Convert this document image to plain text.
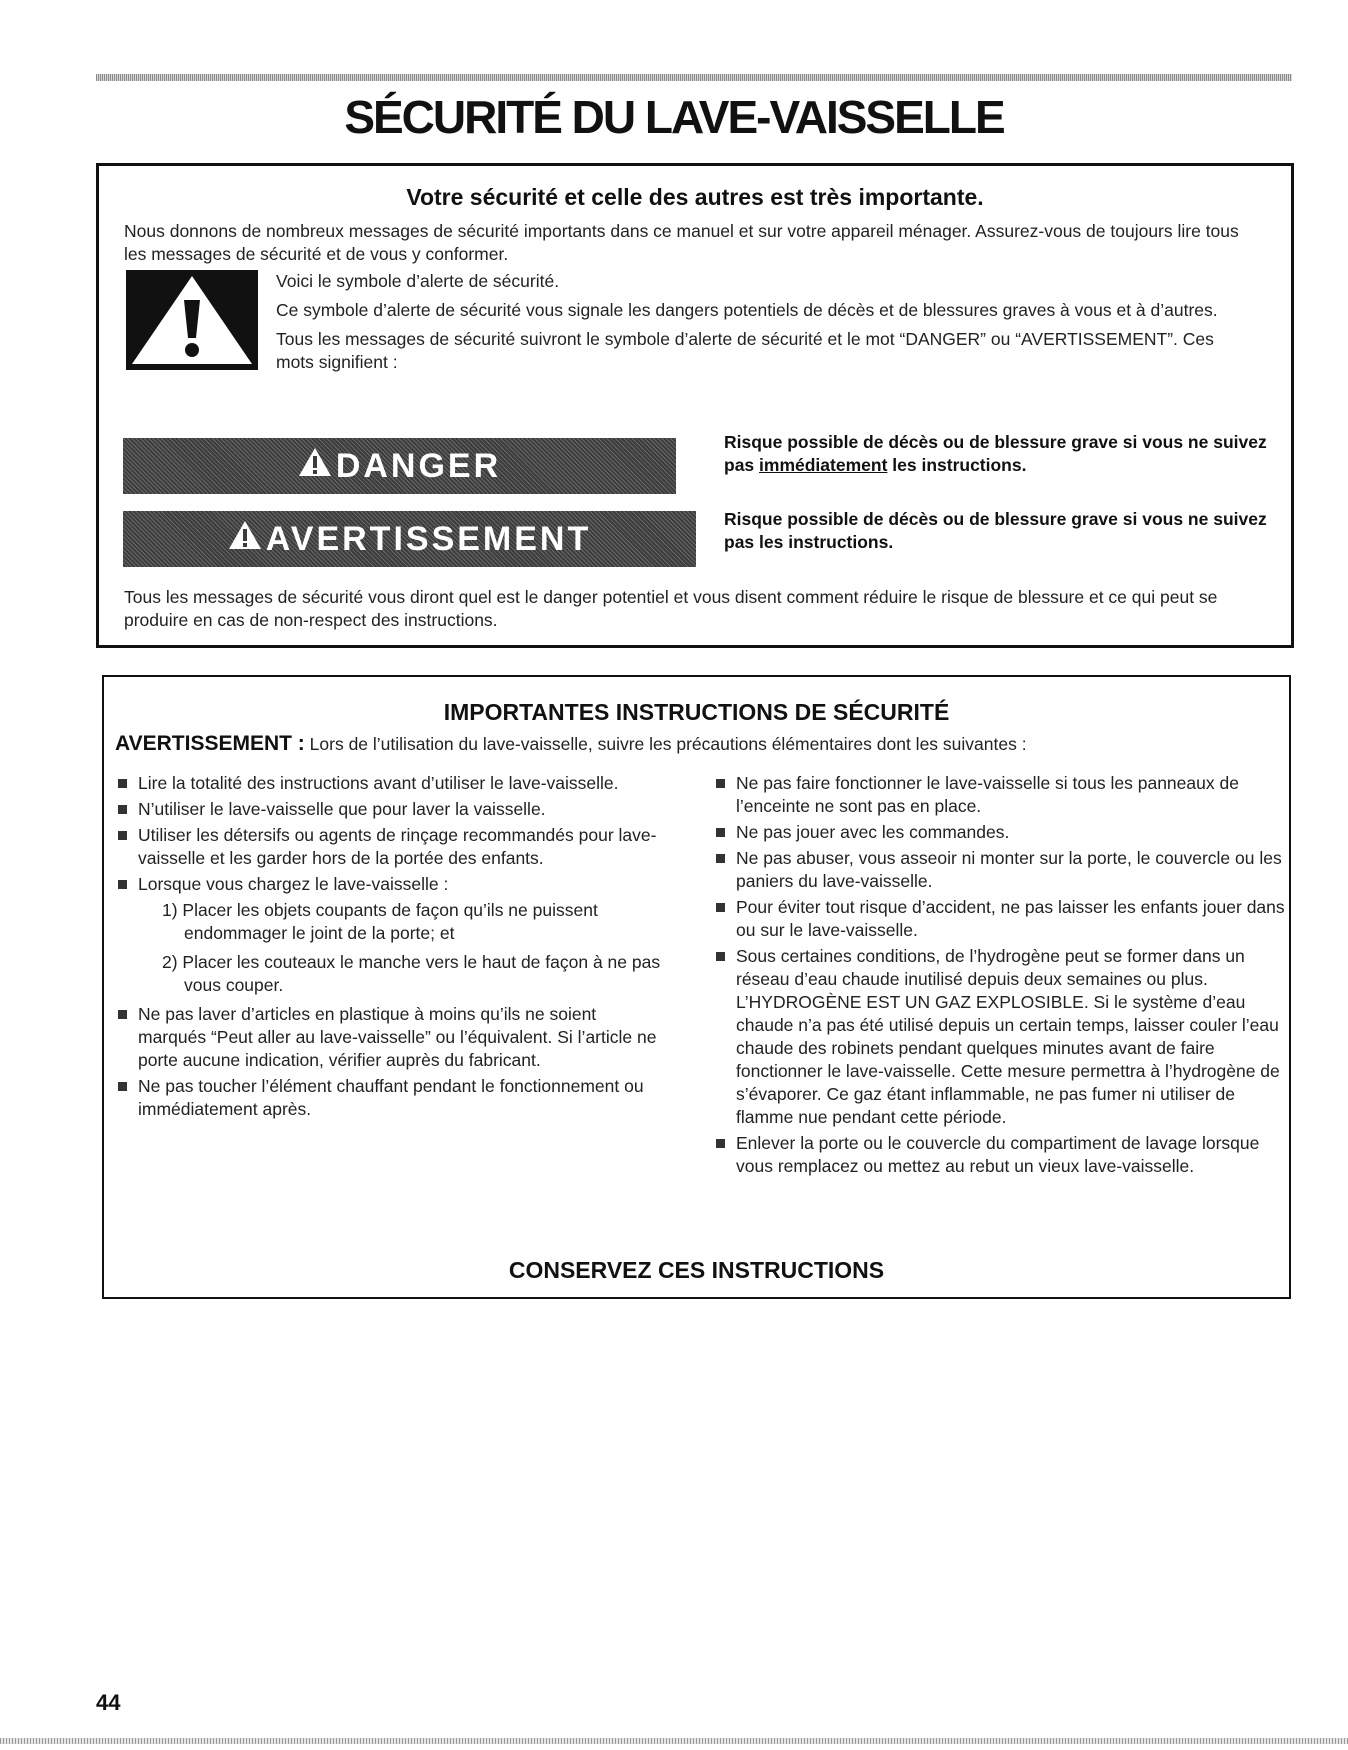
SÉCURITÉ DU LAVE-VAISSELLE
Votre sécurité et celle des autres est très importante.

Nous donnons de nombreux messages de sécurité importants dans ce manuel et sur votre appareil ménager. Assurez-vous de toujours lire tous les messages de sécurité et de vous y conformer.

Voici le symbole d’alerte de sécurité.

Ce symbole d’alerte de sécurité vous signale les dangers potentiels de décès et de blessures graves à vous et à d’autres.

Tous les messages de sécurité suivront le symbole d’alerte de sécurité et le mot “DANGER” ou “AVERTISSEMENT”. Ces mots signifient :

DANGER

Risque possible de décès ou de blessure grave si vous ne suivez pas immédiatement les instructions.

AVERTISSEMENT

Risque possible de décès ou de blessure grave si vous ne suivez pas les instructions.

Tous les messages de sécurité vous diront quel est le danger potentiel et vous disent comment réduire le risque de blessure et ce qui peut se produire en cas de non-respect des instructions.

IMPORTANTES INSTRUCTIONS DE SÉCURITÉ

AVERTISSEMENT : Lors de l’utilisation du lave-vaisselle, suivre les précautions élémentaires dont les suivantes :

Lire la totalité des instructions avant d’utiliser le lave-vaisselle.
N’utiliser le lave-vaisselle que pour laver la vaisselle.
Utiliser les détersifs ou agents de rinçage recommandés pour lave-vaisselle et les garder hors de la portée des enfants.
Lorsque vous chargez le lave-vaisselle :

1) Placer les objets coupants de façon qu’ils ne puissent endommager le joint de la porte; et

2) Placer les couteaux le manche vers le haut de façon à ne pas vous couper.

Ne pas laver d’articles en plastique à moins qu’ils ne soient marqués “Peut aller au lave-vaisselle” ou l’équivalent. Si l’article ne porte aucune indication, vérifier auprès du fabricant.
Ne pas toucher l’élément chauffant pendant le fonctionnement ou immédiatement après.
Ne pas faire fonctionner le lave-vaisselle si tous les panneaux de l’enceinte ne sont pas en place.
Ne pas jouer avec les commandes.
Ne pas abuser, vous asseoir ni monter sur la porte, le couvercle ou les paniers du lave-vaisselle.
Pour éviter tout risque d’accident, ne pas laisser les enfants jouer dans ou sur le lave-vaisselle.
Sous certaines conditions, de l’hydrogène peut se former dans un réseau d’eau chaude inutilisé depuis deux semaines ou plus. L’HYDROGÈNE EST UN GAZ EXPLOSIBLE. Si le système d’eau chaude n’a pas été utilisé depuis un certain temps, laisser couler l’eau chaude des robinets pendant quelques minutes avant de faire fonctionner le lave-vaisselle. Cette mesure permettra à l’hydrogène de s’évaporer. Ce gaz étant inflammable, ne pas fumer ni utiliser de flamme nue pendant cette période.
Enlever la porte ou le couvercle du compartiment de lavage lorsque vous remplacez ou mettez au rebut un vieux lave-vaisselle.
CONSERVEZ CES INSTRUCTIONS
44
